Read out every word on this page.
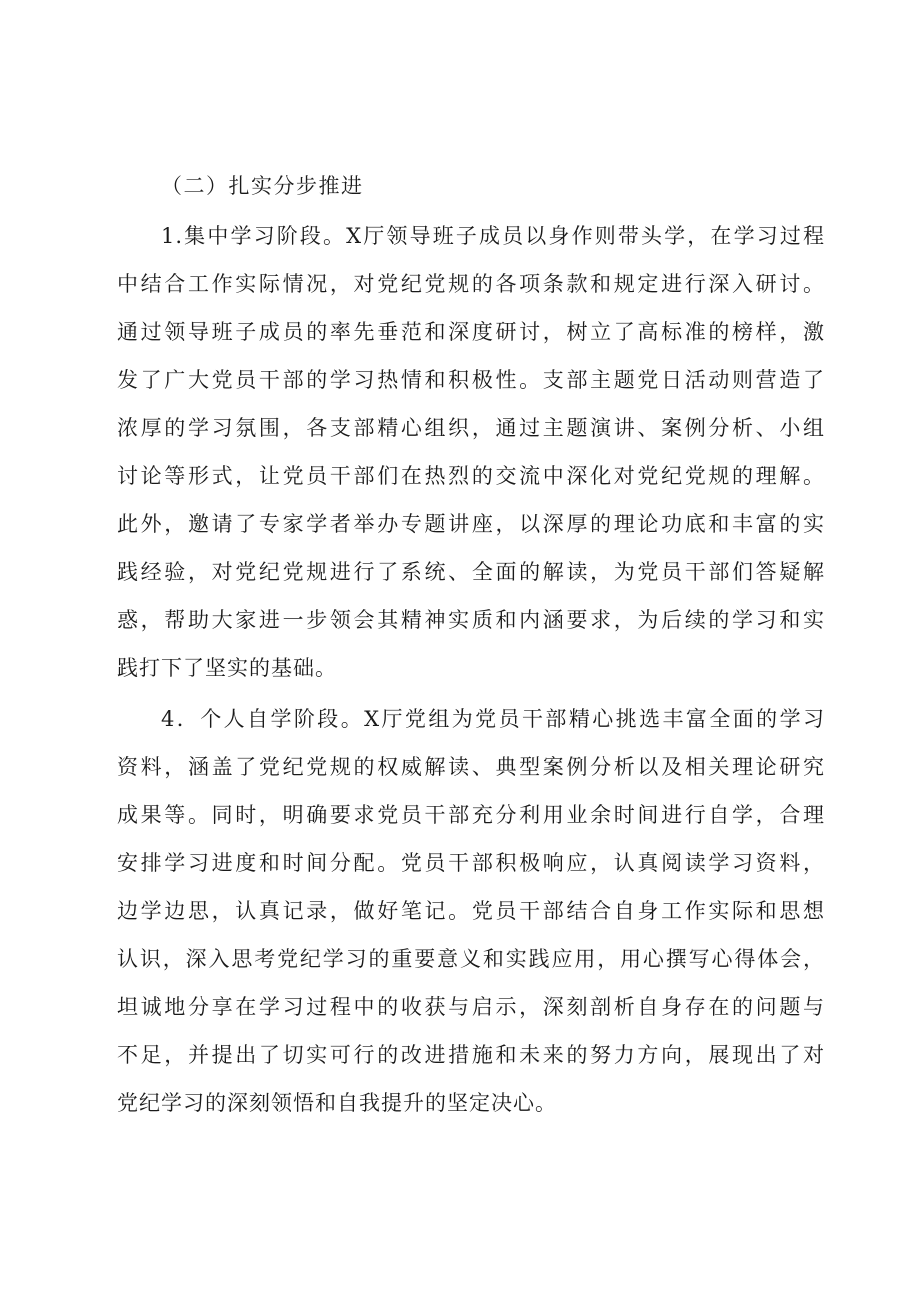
（二）扎实分步推进

1.集中学习阶段。X厅领导班子成员以身作则带头学，在学习过程
中结合工作实际情况，对党纪党规的各项条款和规定进行深入研讨。
通过领导班子成员的率先垂范和深度研讨，树立了高标准的榜样，激
发了广大党员干部的学习热情和积极性。支部主题党日活动则营造了
浓厚的学习氛围，各支部精心组织，通过主题演讲、案例分析、小组
讨论等形式，让党员干部们在热烈的交流中深化对党纪党规的理解。
此外，邀请了专家学者举办专题讲座，以深厚的理论功底和丰富的实
践经验，对党纪党规进行了系统、全面的解读，为党员干部们答疑解
惑，帮助大家进一步领会其精神实质和内涵要求，为后续的学习和实
践打下了坚实的基础。
4．个人自学阶段。X厅党组为党员干部精心挑选丰富全面的学习
资料，涵盖了党纪党规的权威解读、典型案例分析以及相关理论研究
成果等。同时，明确要求党员干部充分利用业余时间进行自学，合理
安排学习进度和时间分配。党员干部积极响应，认真阅读学习资料，
边学边思，认真记录，做好笔记。党员干部结合自身工作实际和思想
认识，深入思考党纪学习的重要意义和实践应用，用心撰写心得体会，
坦诚地分享在学习过程中的收获与启示，深刻剖析自身存在的问题与
不足，并提出了切实可行的改进措施和未来的努力方向，展现出了对
党纪学习的深刻领悟和自我提升的坚定决心。
